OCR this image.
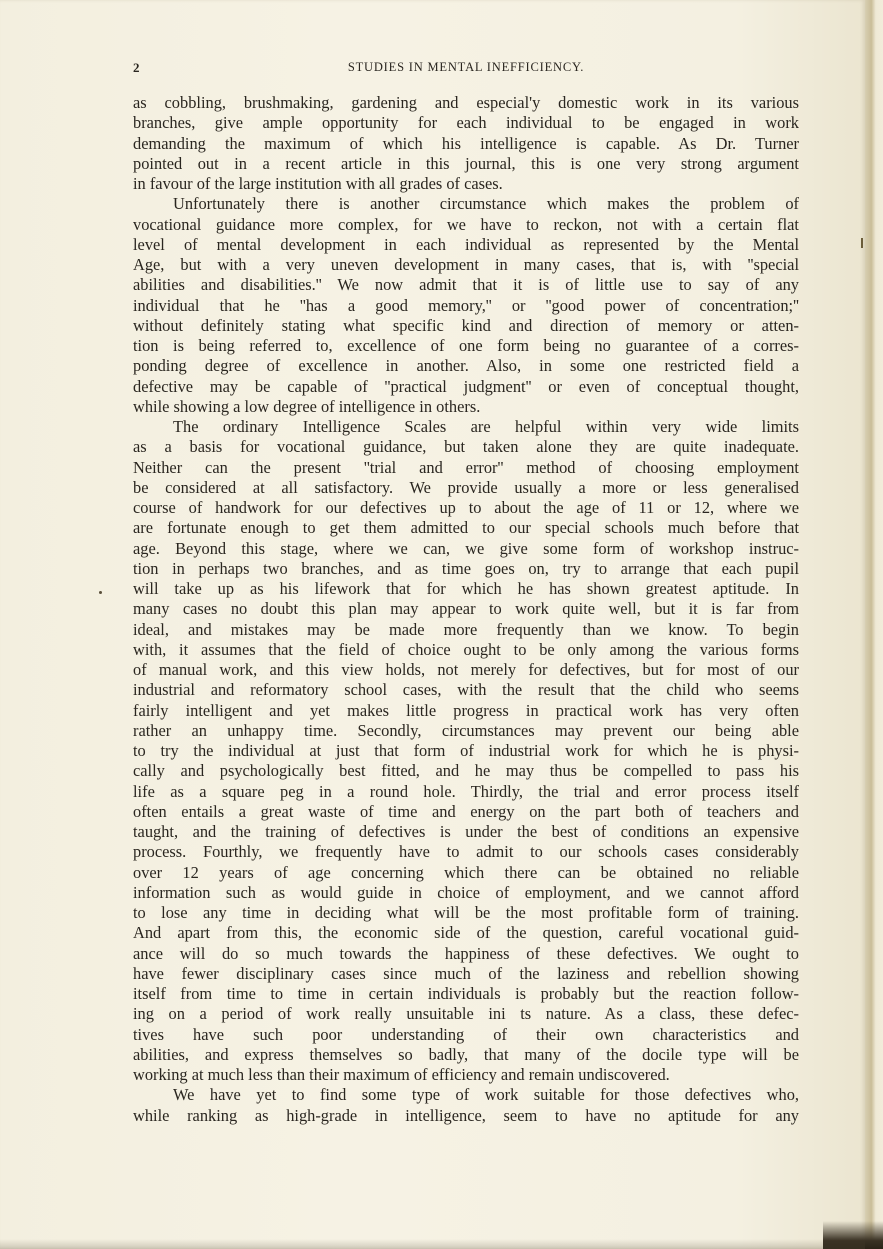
2	STUDIES IN MENTAL INEFFICIENCY.
as cobbling, brushmaking, gardening and especial'y domestic work in its various
branches, give ample opportunity for each individual to be engaged in work
demanding the maximum of which his intelligence is capable. As Dr. Turner
pointed out in a recent article in this journal, this is one very strong argument
in favour of the large institution with all grades of cases.
Unfortunately there is another circumstance which makes the problem of
vocational guidance more complex, for we have to reckon, not with a certain flat
level of mental development in each individual as represented by the Mental
Age, but with a very uneven development in many cases, that is, with ''special
abilities and disabilities.'' We now admit that it is of little use to say of any
individual that he ''has a good memory,'' or ''good power of concentration;''
without definitely stating what specific kind and direction of memory or atten-
tion is being referred to, excellence of one form being no guarantee of a corres-
ponding degree of excellence in another. Also, in some one restricted field a
defective may be capable of ''practical judgment'' or even of conceptual thought,
while showing a low degree of intelligence in others.
The ordinary Intelligence Scales are helpful within very wide limits
as a basis for vocational guidance, but taken alone they are quite inadequate.
Neither can the present ''trial and error'' method of choosing employment
be considered at all satisfactory. We provide usually a more or less generalised
course of handwork for our defectives up to about the age of 11 or 12, where we
are fortunate enough to get them admitted to our special schools much before that
age. Beyond this stage, where we can, we give some form of workshop instruc-
tion in perhaps two branches, and as time goes on, try to arrange that each pupil
will take up as his lifework that for which he has shown greatest aptitude. In
many cases no doubt this plan may appear to work quite well, but it is far from
ideal, and mistakes may be made more frequently than we know. To begin
with, it assumes that the field of choice ought to be only among the various forms
of manual work, and this view holds, not merely for defectives, but for most of our
industrial and reformatory school cases, with the result that the child who seems
fairly intelligent and yet makes little progress in practical work has very often
rather an unhappy time. Secondly, circumstances may prevent our being able
to try the individual at just that form of industrial work for which he is physi-
cally and psychologically best fitted, and he may thus be compelled to pass his
life as a square peg in a round hole. Thirdly, the trial and error process itself
often entails a great waste of time and energy on the part both of teachers and
taught, and the training of defectives is under the best of conditions an expensive
process. Fourthly, we frequently have to admit to our schools cases considerably
over 12 years of age concerning which there can be obtained no reliable
information such as would guide in choice of employment, and we cannot afford
to lose any time in deciding what will be the most profitable form of training.
And apart from this, the economic side of the question, careful vocational guid-
ance will do so much towards the happiness of these defectives. We ought to
have fewer disciplinary cases since much of the laziness and rebellion showing
itself from time to time in certain individuals is probably but the reaction follow-
ing on a period of work really unsuitable ini ts nature. As a class, these defec-
tives have such poor understanding of their own characteristics and
abilities, and express themselves so badly, that many of the docile type will be
working at much less than their maximum of efficiency and remain undiscovered.
We have yet to find some type of work suitable for those defectives who,
while ranking as high-grade in intelligence, seem to have no aptitude for any
